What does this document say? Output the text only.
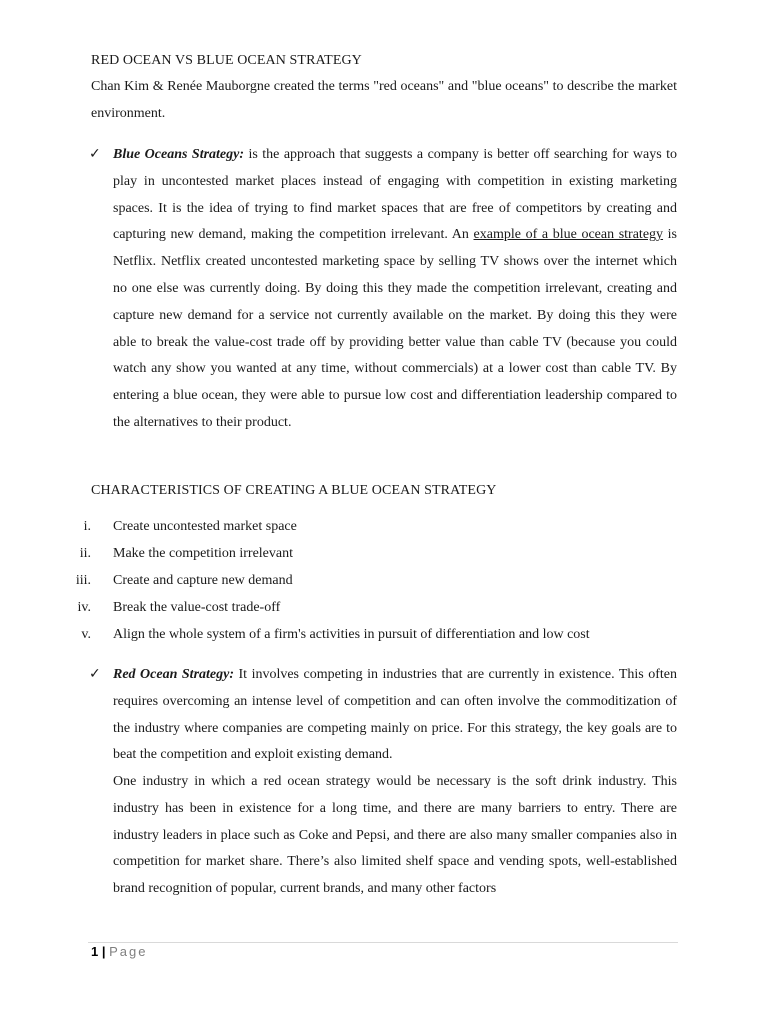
RED OCEAN VS BLUE OCEAN STRATEGY
Chan Kim & Renée Mauborgne created the terms "red oceans" and "blue oceans" to describe the market environment.
✓ Blue Oceans Strategy: is the approach that suggests a company is better off searching for ways to play in uncontested market places instead of engaging with competition in existing marketing spaces. It is the idea of trying to find market spaces that are free of competitors by creating and capturing new demand, making the competition irrelevant. An example of a blue ocean strategy is Netflix. Netflix created uncontested marketing space by selling TV shows over the internet which no one else was currently doing. By doing this they made the competition irrelevant, creating and capture new demand for a service not currently available on the market. By doing this they were able to break the value-cost trade off by providing better value than cable TV (because you could watch any show you wanted at any time, without commercials) at a lower cost than cable TV. By entering a blue ocean, they were able to pursue low cost and differentiation leadership compared to the alternatives to their product.
CHARACTERISTICS OF CREATING A BLUE OCEAN STRATEGY
i. Create uncontested market space
ii. Make the competition irrelevant
iii. Create and capture new demand
iv. Break the value-cost trade-off
v. Align the whole system of a firm's activities in pursuit of differentiation and low cost
✓ Red Ocean Strategy: It involves competing in industries that are currently in existence. This often requires overcoming an intense level of competition and can often involve the commoditization of the industry where companies are competing mainly on price. For this strategy, the key goals are to beat the competition and exploit existing demand.
One industry in which a red ocean strategy would be necessary is the soft drink industry. This industry has been in existence for a long time, and there are many barriers to entry. There are industry leaders in place such as Coke and Pepsi, and there are also many smaller companies also in competition for market share. There’s also limited shelf space and vending spots, well-established brand recognition of popular, current brands, and many other factors
1 | Page
